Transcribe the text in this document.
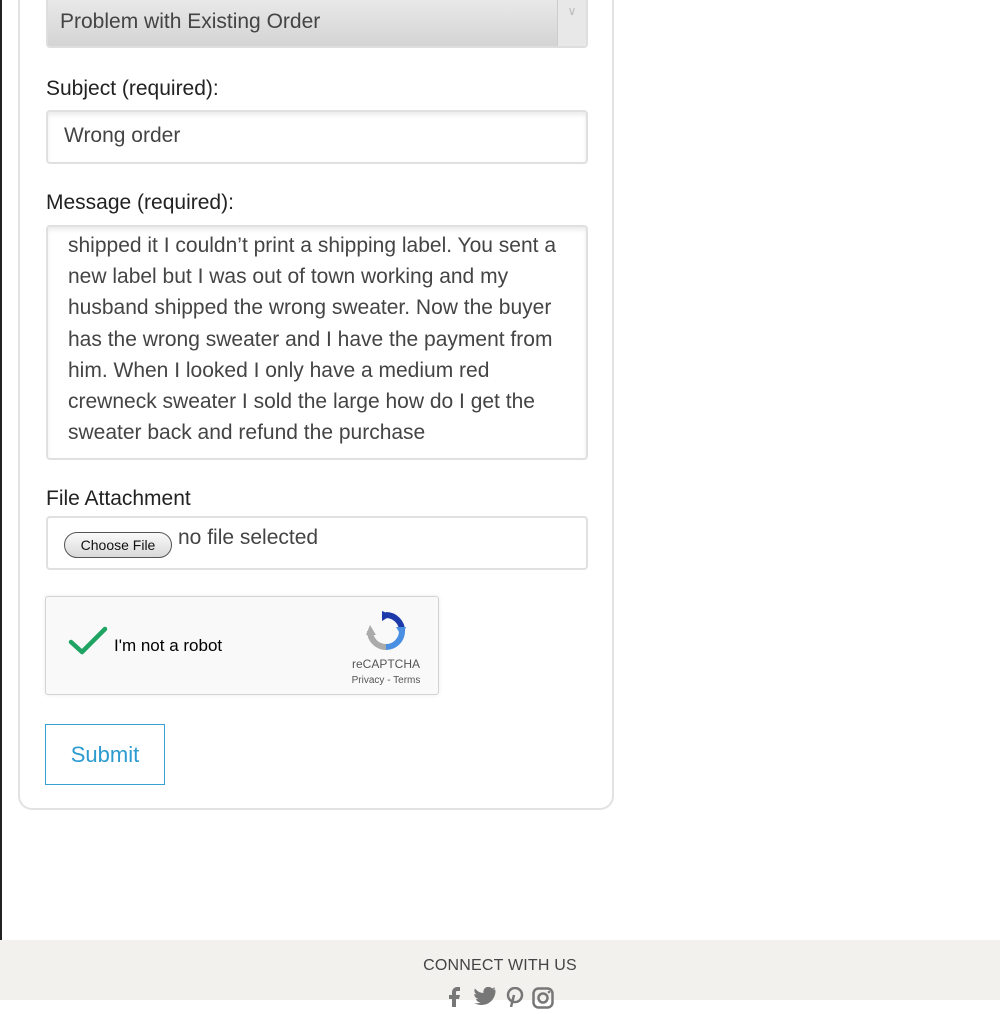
Problem with Existing Order	∨
Subject (required):
Wrong order
Message (required):
shipped it I couldn’t print a shipping label. You sent a new label but I was out of town working and my husband shipped the wrong sweater. Now the buyer has the wrong sweater and I have the payment from him. When I looked I only have a medium red crewneck sweater I sold the large how do I get the sweater back and refund the purchase
File Attachment
Choose File	no file selected
I'm not a robot
reCAPTCHA
Privacy - Terms
Submit
CONNECT WITH US
